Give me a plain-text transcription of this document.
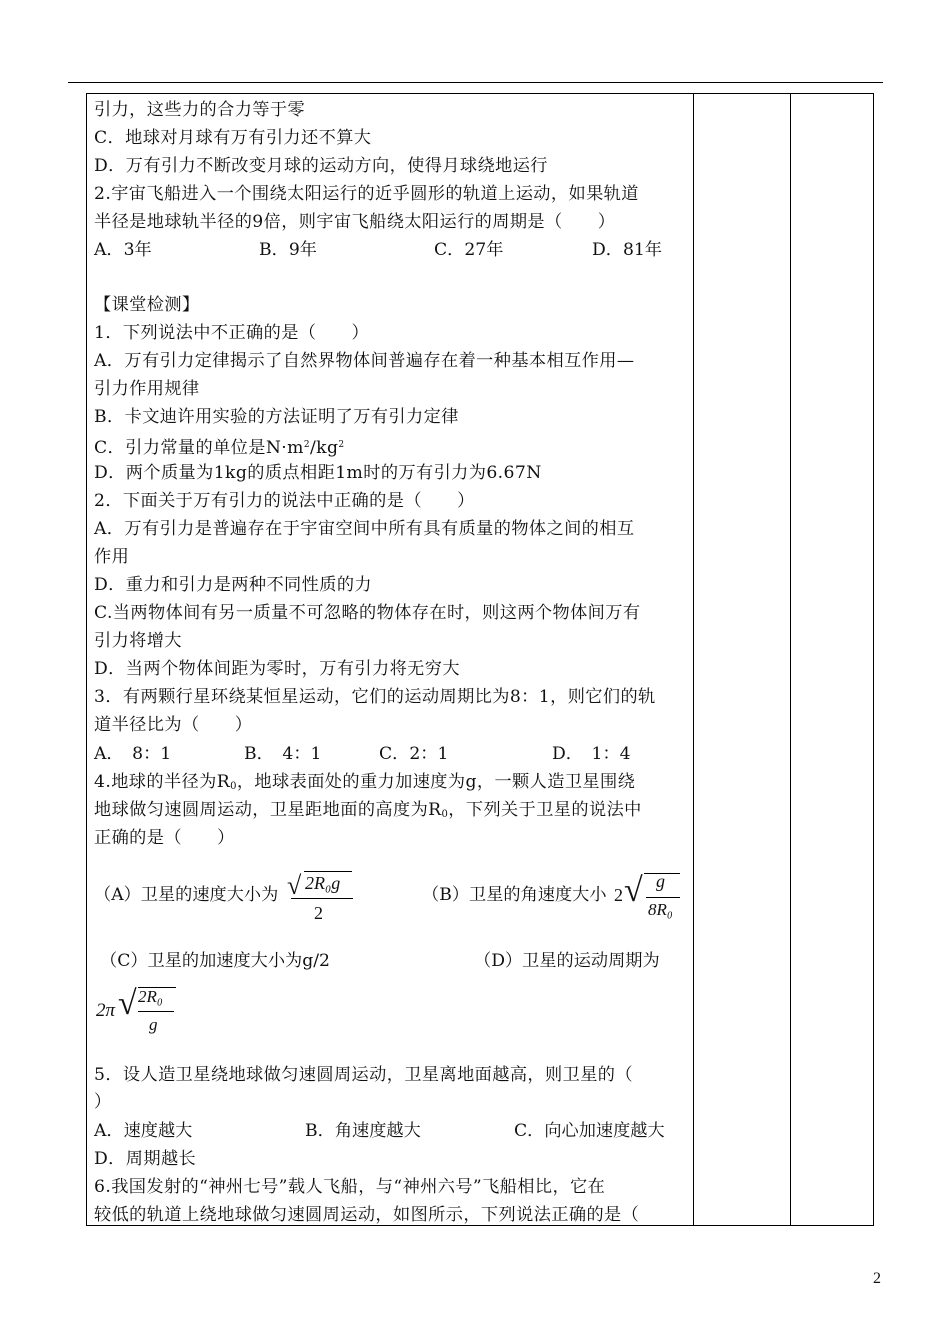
引力，这些力的合力等于零
C．地球对月球有万有引力还不算大
D．万有引力不断改变月球的运动方向，使得月球绕地运行
2.宇宙飞船进入一个围绕太阳运行的近乎圆形的轨道上运动，如果轨道
半径是地球轨半径的9倍，则宇宙飞船绕太阳运行的周期是（　　）
A．3年	B．9年	C．27年	D．81年
【课堂检测】
1．下列说法中不正确的是（　　）
A．万有引力定律揭示了自然界物体间普遍存在着一种基本相互作用—
引力作用规律
B．卡文迪许用实验的方法证明了万有引力定律
C．引力常量的单位是$N\cdot m^2/kg^2$
D．两个质量为1kg的质点相距1m时的万有引力为6.67N
2．下面关于万有引力的说法中正确的是（　　）
A．万有引力是普遍存在于宇宙空间中所有具有质量的物体之间的相互
作用
D．重力和引力是两种不同性质的力
C.当两物体间有另一质量不可忽略的物体存在时，则这两个物体间万有
引力将增大
D．当两个物体间距为零时，万有引力将无穷大
3．有两颗行星环绕某恒星运动，它们的运动周期比为8：1，则它们的轨
道半径比为（　　）
A．　8：1	B．　4：1	C．2：1	D．　1：4
4.地球的半径为$R_0$，地球表面处的重力加速度为g，一颗人造卫星围绕
地球做匀速圆周运动，卫星距地面的高度为$R_0$，下列关于卫星的说法中
正确的是（　　）
（A）卫星的速度大小为 √ 2R₀g
2
（B）卫星的角速度大小 2 √ g
8R₀
（C）卫星的加速度大小为g/2	（D）卫星的运动周期为
2π √ 2R₀
g
5．设人造卫星绕地球做匀速圆周运动，卫星离地面越高，则卫星的（
）
A．速度越大	B．角速度越大	C．向心加速度越大
D．周期越长
6.我国发射的“神州七号”载人飞船，与“神州六号”飞船相比，它在
较低的轨道上绕地球做匀速圆周运动，如图所示，下列说法正确的是（
2
